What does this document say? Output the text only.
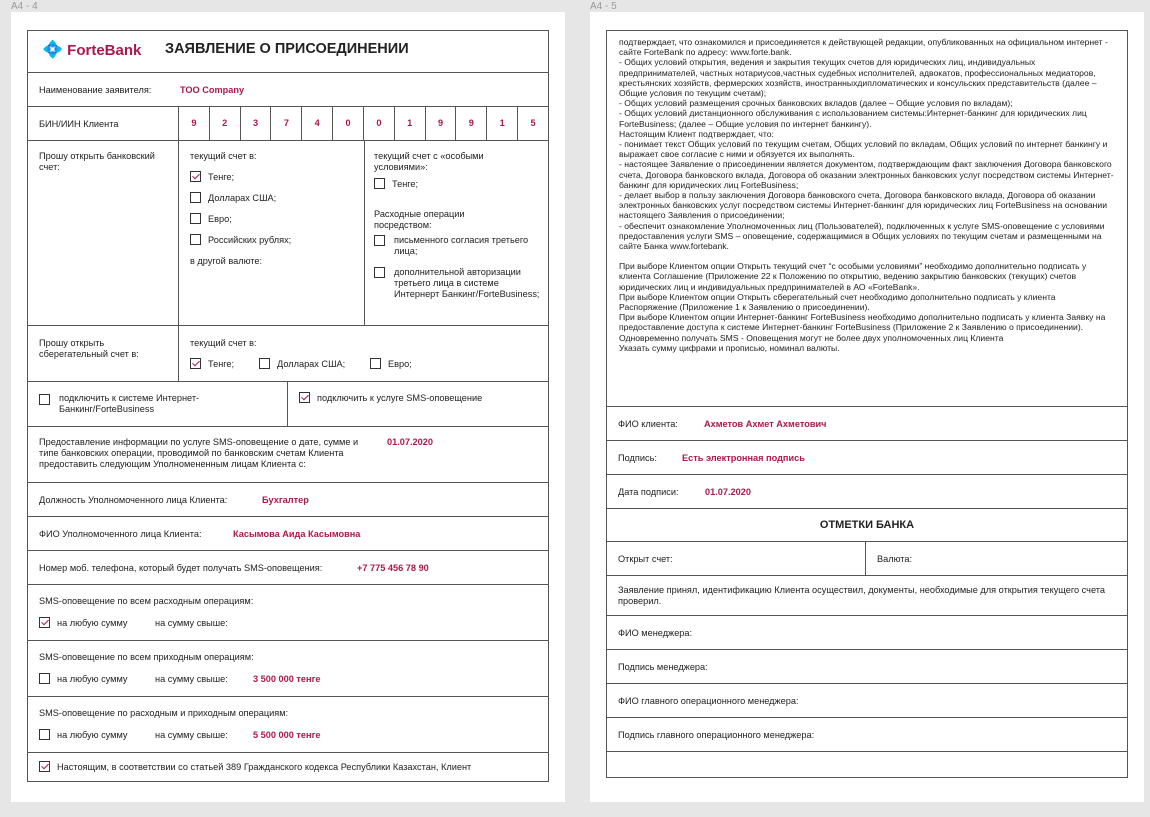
A4 - 4	A4 - 5
💠 ForteBank ЗАЯВЛЕНИЕ О ПРИСОЕДИНЕНИИ
Наименование заявителя:	ТОО Company
БИН/ИИН Клиента	9	2	3	7	4	0	0	1	9	9	1	5
Прошу открыть банковский счет:
текущий счет в:
Тенге;
Долларах США;
Евро;
Российских рублях;
в другой валюте:
текущий счет с «особыми условиями»:
Тенге;
Расходные операции посредством:
письменного согласия третьего лица;
дополнительной авторизации третьего лица в системе Интернерт Банкинг/ForteBusiness;
Прошу открыть сберегательный счет в:
текущий счет в:
Тенге;	Долларах США;	Евро;
подключить к системе Интернет-Банкинг/ForteBusiness
подключить к услуге SMS-оповещение
Предоставление информации по услуге SMS-оповещение о дате, сумме и типе банковских операции, проводимой по банковским счетам Клиента предоставить следующим Уполномененным лицам Клиента с:
01.07.2020
Должность Уполномоченного лица Клиента:	Бухгалтер
ФИО Уполномоченного лица Клиента:	Касымова Аида Касымовна
Номер моб. телефона, который будет получать SMS-оповещения:	+7 775 456 78 90
SMS-оповещение по всем расходным операциям:
на любую сумму	на сумму свыше:
SMS-оповещение по всем приходным операциям:
на любую сумму	на сумму свыше:	3 500 000 тенге
SMS-оповещение по расходным и приходным операциям:
на любую сумму	на сумму свыше:	5 500 000 тенге
Настоящим, в соответствии со статьей 389 Гражданского кодекса Республики Казахстан, Клиент
подтверждает, что ознакомился и присоединяется к действующей редакции, опубликованных на официальном интернет - сайте ForteBank по адресу: www.forte.bank.
- Общих условий открытия, ведения и закрытия текущих счетов для юридических лиц, индивидуальных предпринимателей, частных нотариусов,частных судебных исполнителей, адвокатов, профессиональных медиаторов, крестьянских хозяйств, фермерских хозяйств, иностранныхдипломатических и консульских представительств (далее – Общие условия по текущим счетам);
- Общих условий размещения срочных банковских вкладов (далее – Общие условия по вкладам);
- Общих условий дистанционного обслуживания с использованием системы:Интернет-банкинг для юридических лиц ForteBusiness; (далее – Общие условия по интернет банкингу).
Настоящим Клиент подтверждает, что:
- понимает текст Общих условий по текущим счетам, Общих условий по вкладам, Общих условий по интернет банкингу и выражает свое согласие с ними и обязуется их выполнять.
- настоящее Заявление о присоединении является документом, подтверждающим факт заключения Договора банковского счета, Договора банковского вклада, Договора об оказании электронных банковских услуг посредством системы Интернет-банкинг для юридических лиц ForteBusiness;
- делает выбор в пользу заключения Договора банковского счета, Договора банковского вклада, Договора об оказании электронных банковских услуг посредством системы Интернет-банкинг для юридических лиц ForteBusiness на основании настоящего Заявления о присоединении;
- обеспечит ознакомление Уполномоченных лиц (Пользователей), подключенных к услуге SMS-оповещение с условиями предоставления услуги SMS – оповещение, содержащимися в Общих условиях по текущим счетам и размещенными на сайте Банка www.fortebank.
При выборе Клиентом опции Открыть текущий счет “с особыми условиями” необходимо дополнительно подписать у клиента Соглашение (Приложение 22 к Положению по открытию, ведению закрытию банковских (текущих) счетов юридических лиц и индивидуальных предпринимателей в АО «ForteBank».
При выборе Клиентом опции Открыть сберегательный счет необходимо дополнительно подписать у клиента Распоряжение (Приложение 1 к Заявлению о присоединении).
При выборе Клиентом опции Интернет-банкинг ForteBusiness необходимо дополнительно подписать у клиента Заявку на предоставление доступа к системе Интернет-банкинг ForteBusiness (Приложение 2 к Заявлению о присоединении).
Одновременно получать SMS - Оповещения могут не более двух уполномоченных лиц Клиента
Указать сумму цифрами и прописью, номинал валюты.
ФИО клиента:	Ахметов Ахмет Ахметович
Подпись:	Есть электронная подпись
Дата подписи:	01.07.2020
ОТМЕТКИ БАНКА
Открыт счет:	Валюта:
Заявление принял, идентификацию Клиента осуществил, документы, необходимые для открытия текущего счета проверил.
ФИО менеджера:
Подпись менеджера:
ФИО главного операционного менеджера:
Подпись главного операционного менеджера:
